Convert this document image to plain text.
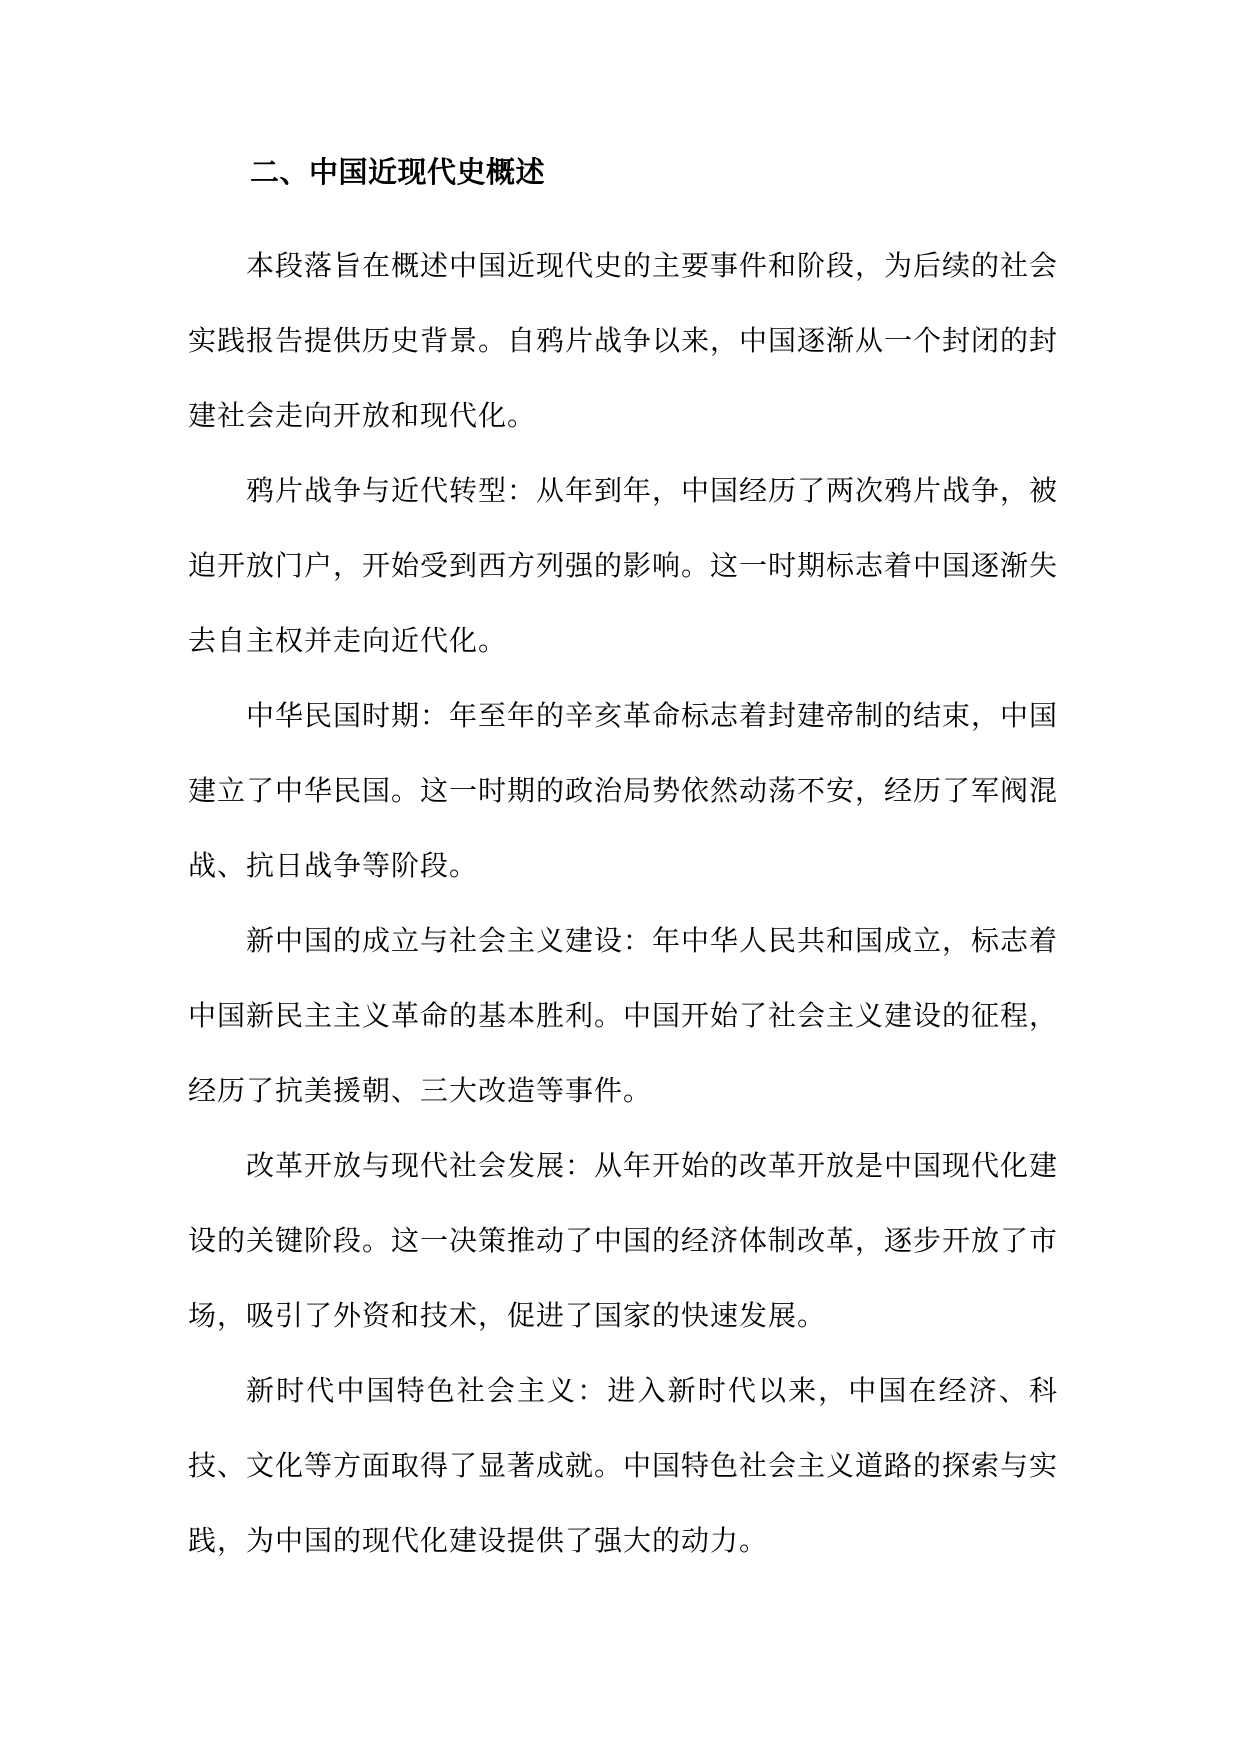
二、中国近现代史概述

本段落旨在概述中国近现代史的主要事件和阶段，为后续的社会实践报告提供历史背景。自鸦片战争以来，中国逐渐从一个封闭的封建社会走向开放和现代化。

鸦片战争与近代转型：从年到年，中国经历了两次鸦片战争，被迫开放门户，开始受到西方列强的影响。这一时期标志着中国逐渐失去自主权并走向近代化。

中华民国时期：年至年的辛亥革命标志着封建帝制的结束，中国建立了中华民国。这一时期的政治局势依然动荡不安，经历了军阀混战、抗日战争等阶段。

新中国的成立与社会主义建设：年中华人民共和国成立，标志着中国新民主主义革命的基本胜利。中国开始了社会主义建设的征程，经历了抗美援朝、三大改造等事件。

改革开放与现代社会发展：从年开始的改革开放是中国现代化建设的关键阶段。这一决策推动了中国的经济体制改革，逐步开放了市场，吸引了外资和技术，促进了国家的快速发展。

新时代中国特色社会主义：进入新时代以来，中国在经济、科技、文化等方面取得了显著成就。中国特色社会主义道路的探索与实践，为中国的现代化建设提供了强大的动力。
